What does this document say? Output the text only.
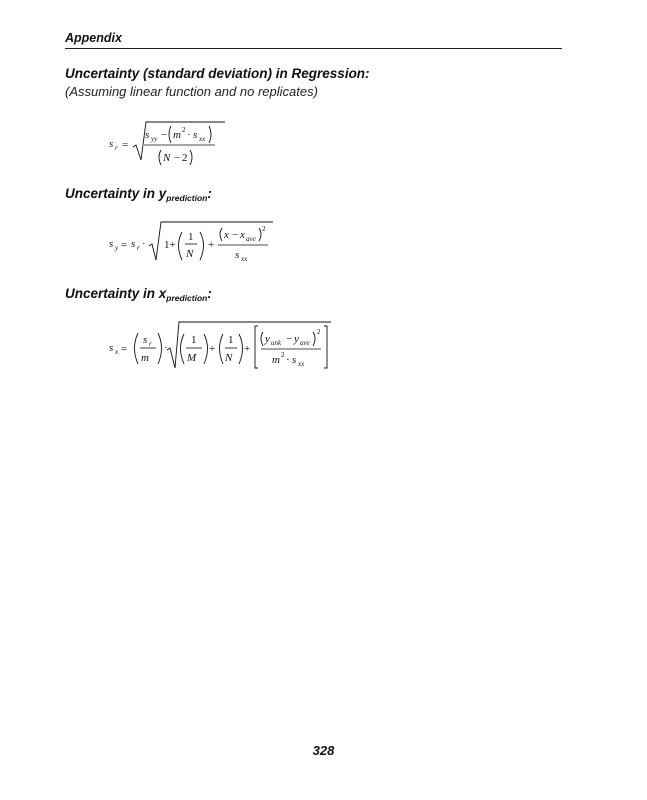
Appendix
Uncertainty (standard deviation) in Regression:
(Assuming linear function and no replicates)
s r =
s yy − m 2 · s xx
N − 2
Uncertainty in $y_{prediction}$:
s y = s r · 1+
1
N
+
x − x ave
2
s xx
Uncertainty in $x_{prediction}$:
s x =
s r
m
·
1
M
+
1
N
+
y unk − y ave
2
m 2 · s xx
328
